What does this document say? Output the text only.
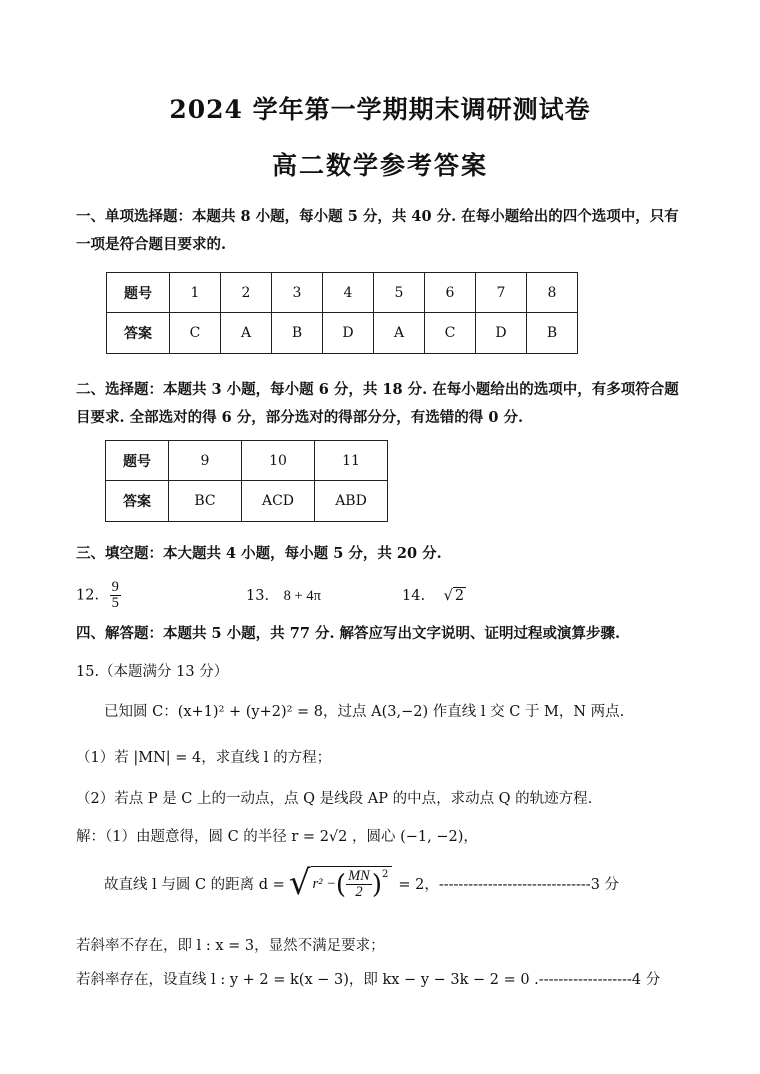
2024 学年第一学期期末调研测试卷
高二数学参考答案
一、单项选择题：本题共 8 小题，每小题 5 分，共 40 分. 在每小题给出的四个选项中，只有
一项是符合题目要求的.
题号	1	2	3	4	5	6	7	8
答案	C	A	B	D	A	C	D	B
二、选择题：本题共 3 小题，每小题 6 分，共 18 分. 在每小题给出的选项中，有多项符合题
目要求. 全部选对的得 6 分，部分选对的得部分分，有选错的得 0 分.
题号	9	10	11
答案	BC	ACD	ABD
三、填空题：本大题共 4 小题，每小题 5 分，共 20 分.
12. $\frac{9}{5}$	13. 8 + 4π	14. √ 2
四、解答题：本题共 5 小题，共 77 分. 解答应写出文字说明、证明过程或演算步骤.
15.（本题满分 13 分）
已知圆 C：(x+1)² + (y+2)² = 8，过点 A(3,−2) 作直线 l 交 C 于 M，N 两点.
（1）若 |MN| = 4，求直线 l 的方程；
（2）若点 P 是 C 上的一动点，点 Q 是线段 AP 的中点，求动点 Q 的轨迹方程.
解：（1）由题意得，圆 C 的半径 r = 2√2 ，圆心 (−1, −2)，
故直线 l 与圆 C 的距离 d = √ r² − ( $\frac{MN}{2}$ ) 2
= 2，-------------------------------3 分
若斜率不存在，即 l : x = 3，显然不满足要求；
若斜率存在，设直线 l : y + 2 = k(x − 3)，即 kx − y − 3k − 2 = 0 .-------------------4 分
